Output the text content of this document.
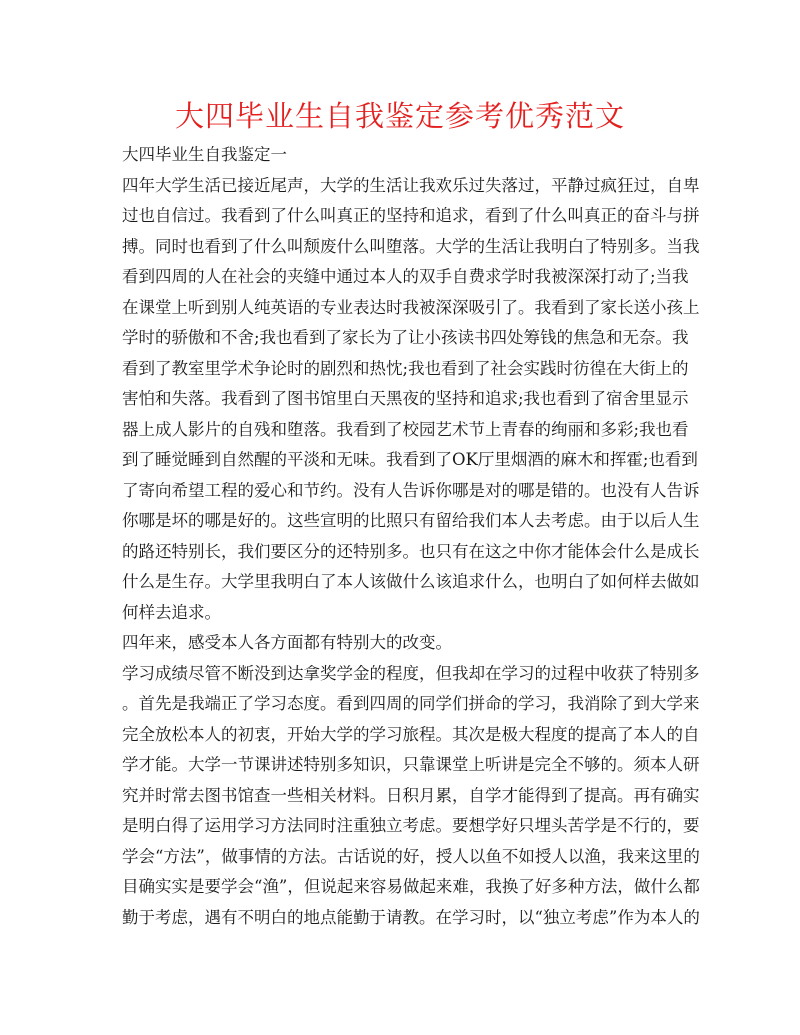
大四毕业生自我鉴定参考优秀范文
大四毕业生自我鉴定一
四年大学生活已接近尾声，大学的生活让我欢乐过失落过，平静过疯狂过，自卑
过也自信过。我看到了什么叫真正的坚持和追求，看到了什么叫真正的奋斗与拼
搏。同时也看到了什么叫颓废什么叫堕落。大学的生活让我明白了特别多。当我
看到四周的人在社会的夹缝中通过本人的双手自费求学时我被深深打动了;当我
在课堂上听到别人纯英语的专业表达时我被深深吸引了。我看到了家长送小孩上
学时的骄傲和不舍;我也看到了家长为了让小孩读书四处筹钱的焦急和无奈。我
看到了教室里学术争论时的剧烈和热忱;我也看到了社会实践时彷徨在大街上的
害怕和失落。我看到了图书馆里白天黑夜的坚持和追求;我也看到了宿舍里显示
器上成人影片的自残和堕落。我看到了校园艺术节上青春的绚丽和多彩;我也看
到了睡觉睡到自然醒的平淡和无味。我看到了OK厅里烟酒的麻木和挥霍;也看到
了寄向希望工程的爱心和节约。没有人告诉你哪是对的哪是错的。也没有人告诉
你哪是坏的哪是好的。这些宣明的比照只有留给我们本人去考虑。由于以后人生
的路还特别长，我们要区分的还特别多。也只有在这之中你才能体会什么是成长
什么是生存。大学里我明白了本人该做什么该追求什么，也明白了如何样去做如
何样去追求。
四年来，感受本人各方面都有特别大的改变。
学习成绩尽管不断没到达拿奖学金的程度，但我却在学习的过程中收获了特别多
。首先是我端正了学习态度。看到四周的同学们拼命的学习，我消除了到大学来
完全放松本人的初衷，开始大学的学习旅程。其次是极大程度的提高了本人的自
学才能。大学一节课讲述特别多知识，只靠课堂上听讲是完全不够的。须本人研
究并时常去图书馆查一些相关材料。日积月累，自学才能得到了提高。再有确实
是明白得了运用学习方法同时注重独立考虑。要想学好只埋头苦学是不行的，要
学会“方法”，做事情的方法。古话说的好，授人以鱼不如授人以渔，我来这里的
目确实实是要学会“渔”，但说起来容易做起来难，我换了好多种方法，做什么都
勤于考虑，遇有不明白的地点能勤于请教。在学习时，以“独立考虑”作为本人的
